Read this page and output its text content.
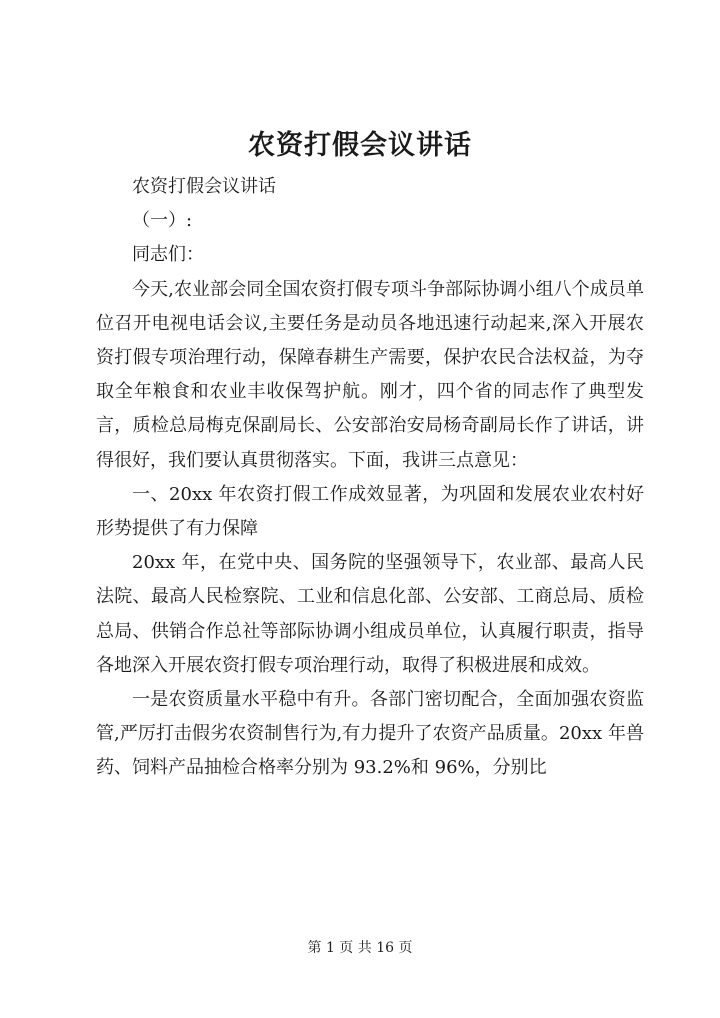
农资打假会议讲话

农资打假会议讲话

（一）:

同志们：

今天,农业部会同全国农资打假专项斗争部际协调小组八个成员单位召开电视电话会议,主要任务是动员各地迅速行动起来,深入开展农资打假专项治理行动，保障春耕生产需要，保护农民合法权益，为夺取全年粮食和农业丰收保驾护航。刚才，四个省的同志作了典型发言，质检总局梅克保副局长、公安部治安局杨奇副局长作了讲话，讲得很好，我们要认真贯彻落实。下面，我讲三点意见：

一、20xx 年农资打假工作成效显著，为巩固和发展农业农村好形势提供了有力保障

20xx 年，在党中央、国务院的坚强领导下，农业部、最高人民法院、最高人民检察院、工业和信息化部、公安部、工商总局、质检总局、供销合作总社等部际协调小组成员单位，认真履行职责，指导各地深入开展农资打假专项治理行动，取得了积极进展和成效。

一是农资质量水平稳中有升。各部门密切配合，全面加强农资监管,严厉打击假劣农资制售行为,有力提升了农资产品质量。20xx 年兽药、饲料产品抽检合格率分别为 93.2%和 96%，分别比

第 1 页 共 16 页
